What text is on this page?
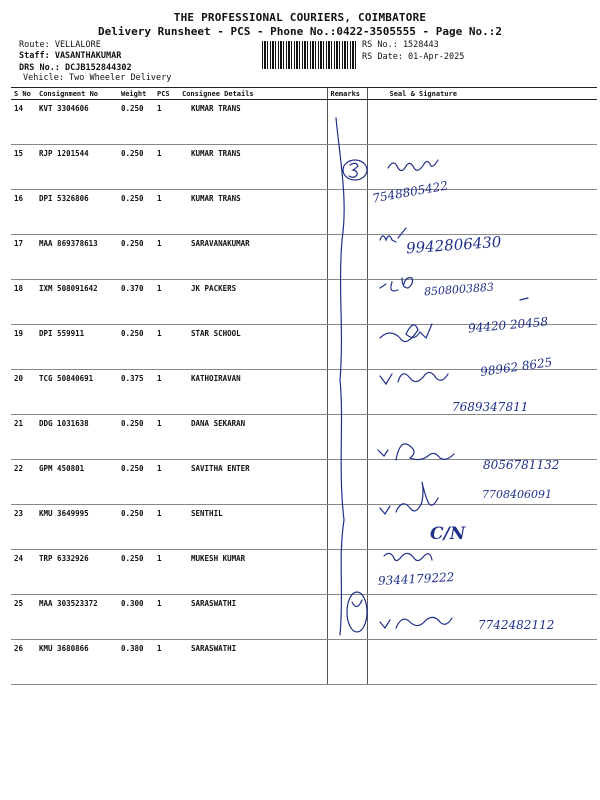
THE PROFESSIONAL COURIERS, COIMBATORE
Delivery Runsheet - PCS - Phone No.:0422-3505555 - Page No.:2
Route: VELLALORE
Staff: VASANTHAKUMAR
DRS No.: DCJB152844302
Vehicle: Two Wheeler Delivery
RS No.: 1528443
RS Date: 01-Apr-2025
S No	Consignment No	Weight	PCS	Consignee Details	Remarks	Seal & Signature
14	KVT 3304606	0.250	1	KUMAR TRANS		
15	RJP 1201544	0.250	1	KUMAR TRANS		
16	DPI 5326806	0.250	1	KUMAR TRANS		
17	MAA 869378613	0.250	1	SARAVANAKUMAR		
18	IXM 508091642	0.370	1	JK PACKERS		
19	DPI 559911	0.250	1	STAR SCHOOL		
20	TCG 50840691	0.375	1	KATHOIRAVAN		
21	DDG 1031638	0.250	1	DANA SEKARAN		
22	GPM 450801	0.250	1	SAVITHA ENTER		
23	KMU 3649995	0.250	1	SENTHIL		
24	TRP 6332926	0.250	1	MUKESH KUMAR		
25	MAA 303523372	0.300	1	SARASWATHI		
26	KMU 3680866	0.380	1	SARASWATHI		
7548805422
9942806430
8508003883
94420 20458
98962 8625
7689347811
8056781132
7708406091
C/N
9344179222
7742482112
